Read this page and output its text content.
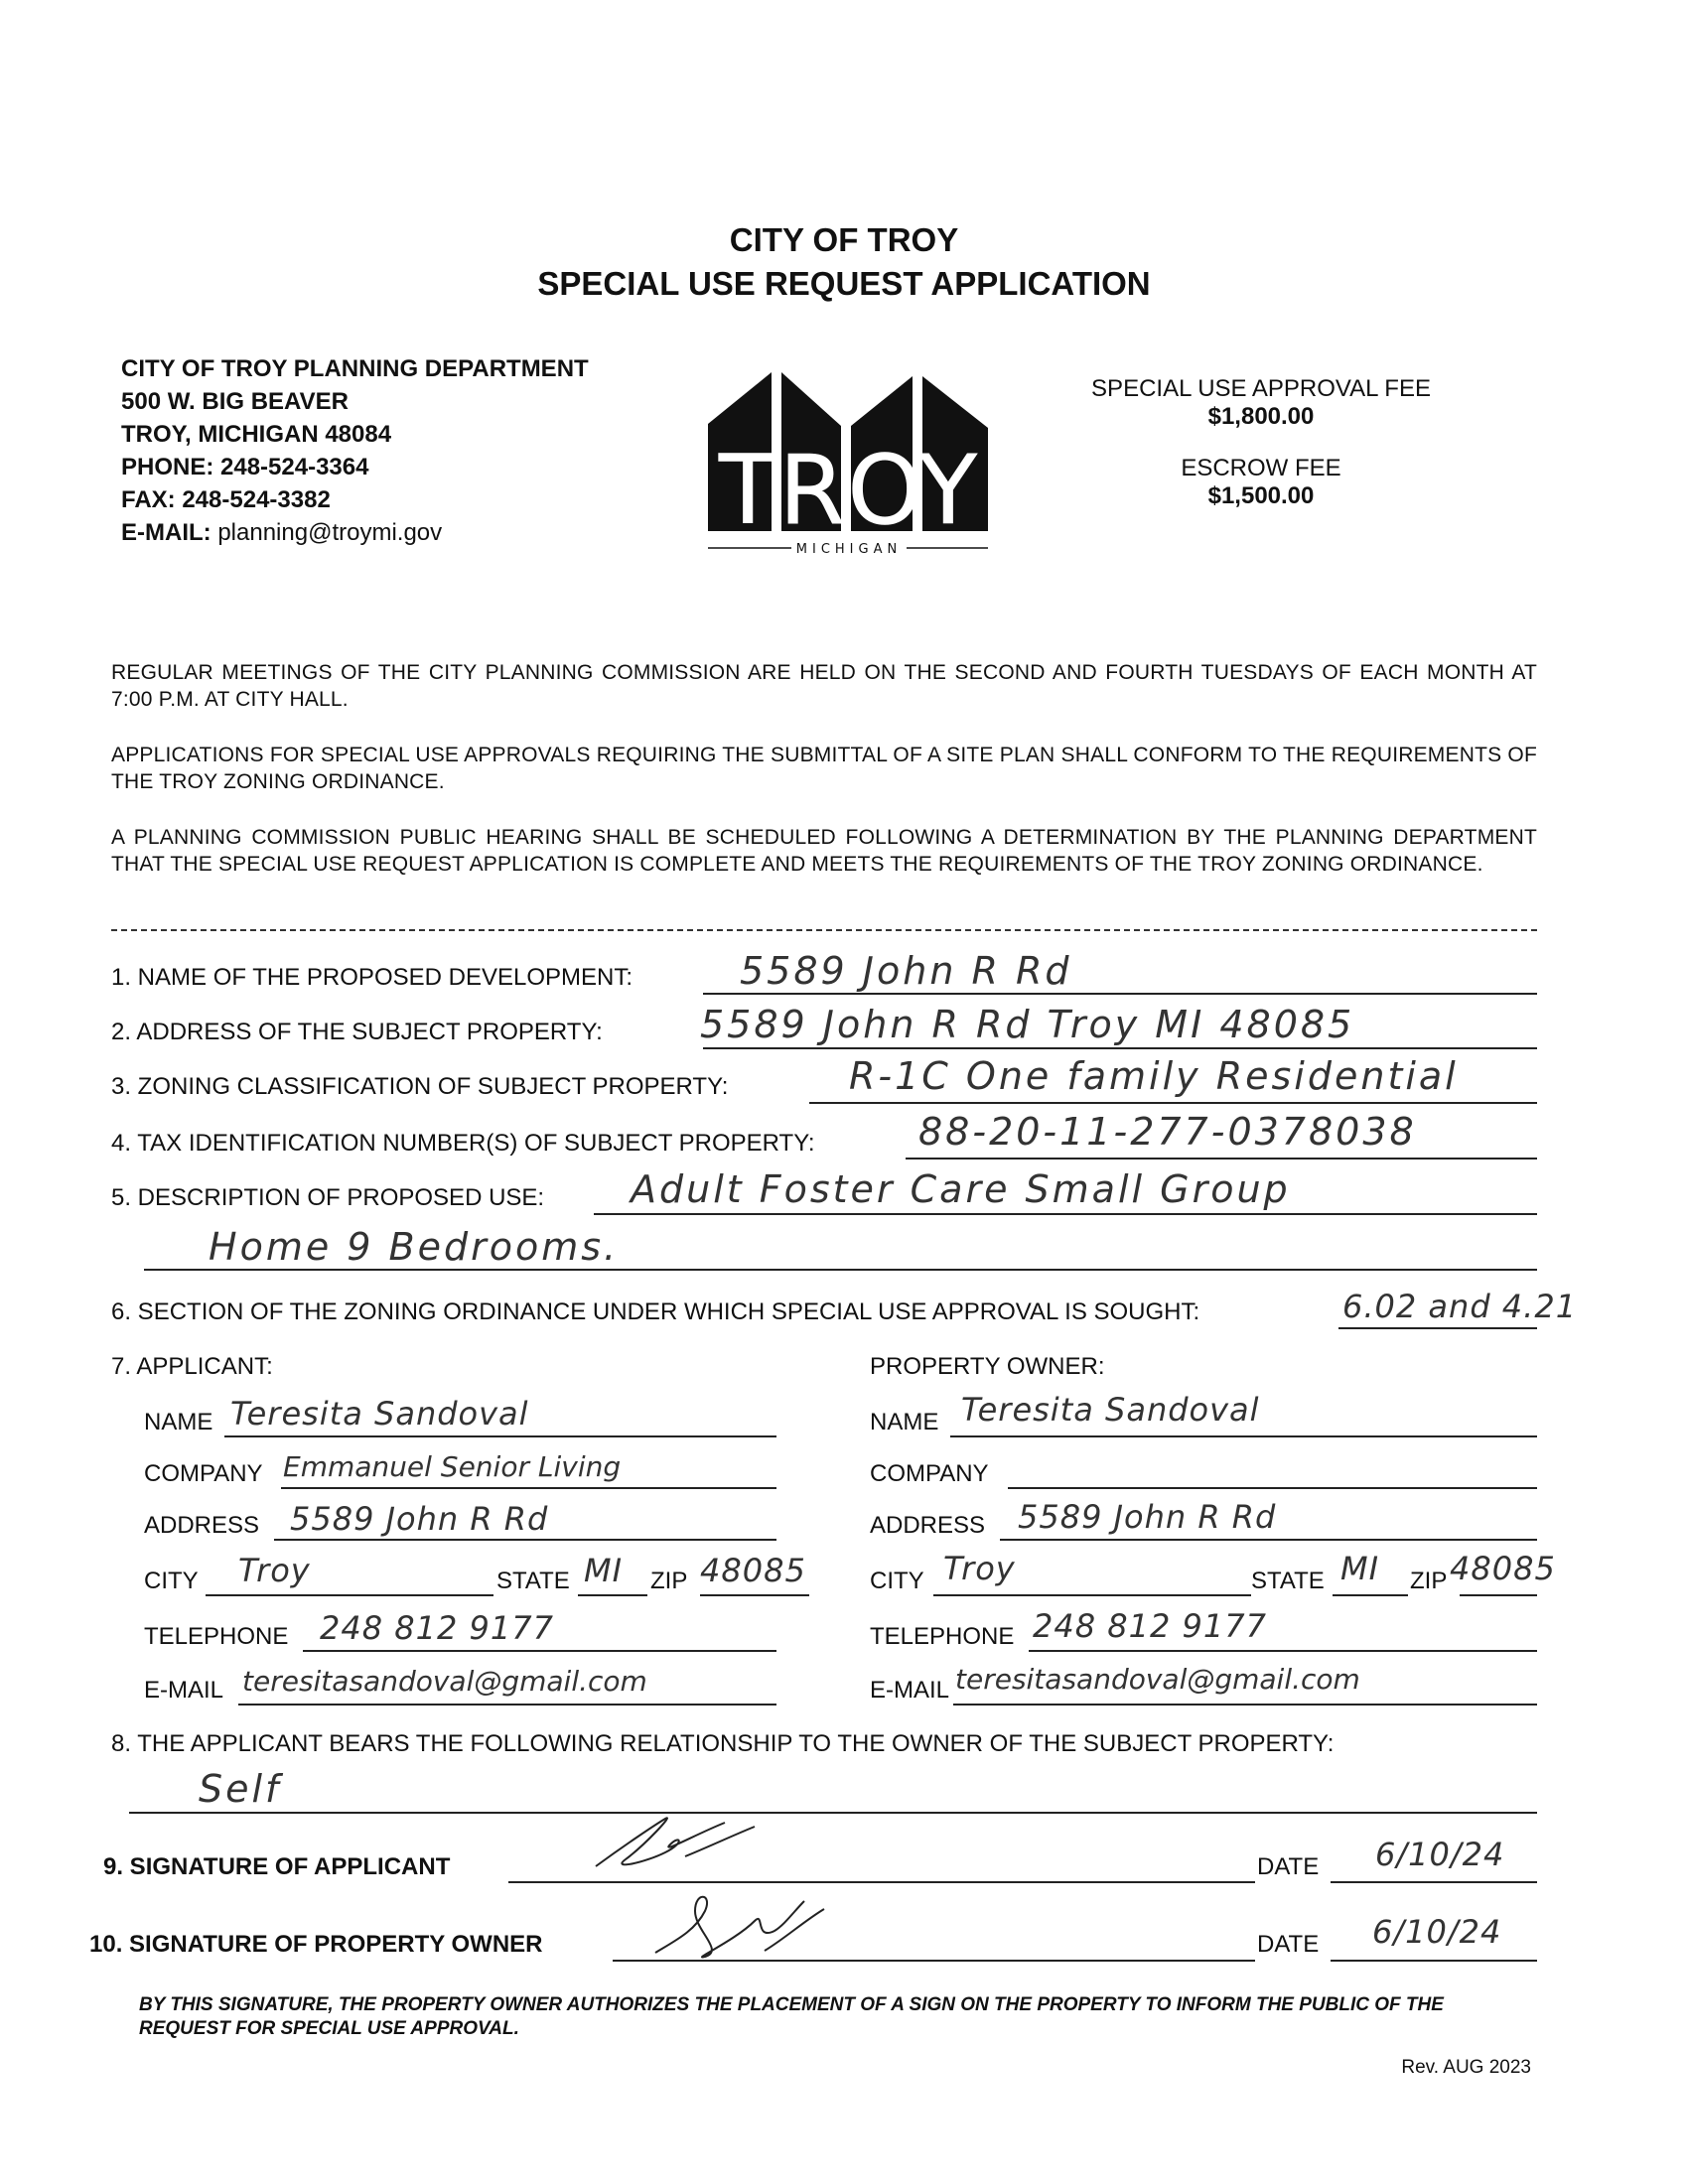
CITY OF TROY
SPECIAL USE REQUEST APPLICATION
CITY OF TROY PLANNING DEPARTMENT
500 W. BIG BEAVER
TROY, MICHIGAN 48084
PHONE: 248-524-3364
FAX: 248-524-3382
E-MAIL: planning@troymi.gov	TROY
MICHIGAN
SPECIAL USE APPROVAL FEE
$1,800.00
ESCROW FEE
$1,500.00
REGULAR MEETINGS OF THE CITY PLANNING COMMISSION ARE HELD ON THE SECOND AND FOURTH TUESDAYS OF EACH MONTH AT 7:00 P.M. AT CITY HALL.
APPLICATIONS FOR SPECIAL USE APPROVALS REQUIRING THE SUBMITTAL OF A SITE PLAN SHALL CONFORM TO THE REQUIREMENTS OF THE TROY ZONING ORDINANCE.
A PLANNING COMMISSION PUBLIC HEARING SHALL BE SCHEDULED FOLLOWING A DETERMINATION BY THE PLANNING DEPARTMENT THAT THE SPECIAL USE REQUEST APPLICATION IS COMPLETE AND MEETS THE REQUIREMENTS OF THE TROY ZONING ORDINANCE.
1. NAME OF THE PROPOSED DEVELOPMENT:	5589 John R Rd
2. ADDRESS OF THE SUBJECT PROPERTY:	5589 John R Rd Troy MI 48085
3. ZONING CLASSIFICATION OF SUBJECT PROPERTY:	R-1C One family Residential
4. TAX IDENTIFICATION NUMBER(S) OF SUBJECT PROPERTY:	88-20-11-277-0378038
5. DESCRIPTION OF PROPOSED USE: Adult Foster Care Small Group
Home 9 Bedrooms.
6. SECTION OF THE ZONING ORDINANCE UNDER WHICH SPECIAL USE APPROVAL IS SOUGHT:	6.02 and 4.21
7. APPLICANT:	PROPERTY OWNER:
NAME Teresita Sandoval
COMPANY Emmanuel Senior Living
ADDRESS 5589 John R Rd
CITY Troy	STATE MI ZIP 48085
TELEPHONE 248 812 9177
E-MAIL teresitasandoval@gmail.com
NAME Teresita Sandoval
COMPANY
ADDRESS 5589 John R Rd
CITY Troy	STATE MI ZIP 48085
TELEPHONE 248 812 9177
E-MAIL teresitasandoval@gmail.com
8. THE APPLICANT BEARS THE FOLLOWING RELATIONSHIP TO THE OWNER OF THE SUBJECT PROPERTY:
Self
9. SIGNATURE OF APPLICANT	DATE 6/10/24
10. SIGNATURE OF PROPERTY OWNER	DATE 6/10/24
BY THIS SIGNATURE, THE PROPERTY OWNER AUTHORIZES THE PLACEMENT OF A SIGN ON THE PROPERTY TO INFORM THE PUBLIC OF THE REQUEST FOR SPECIAL USE APPROVAL.
Rev. AUG 2023
